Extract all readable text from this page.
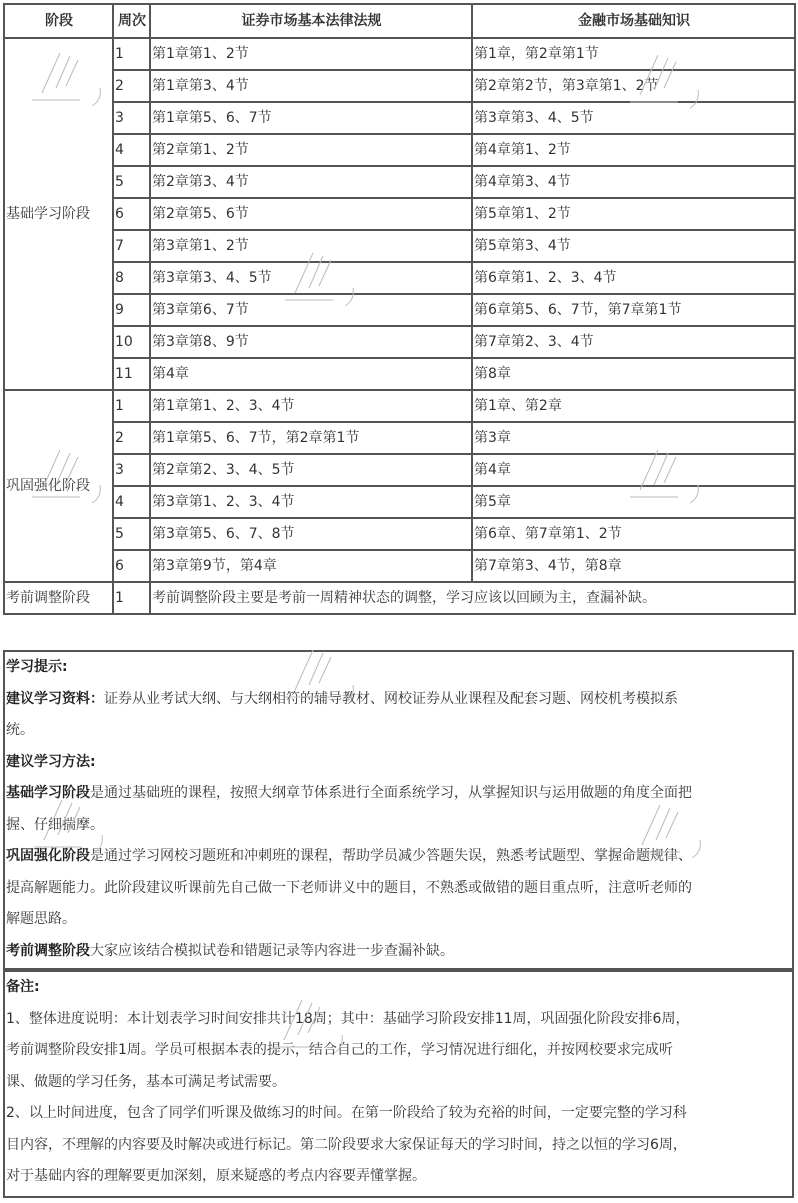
阶段	周次	证券市场基本法律法规	金融市场基础知识
基础学习阶段	1	第1章第1、2节	第1章，第2章第1节
	2	第1章第3、4节	第2章第2节，第3章第1、2节
	3	第1章第5、6、7节	第3章第3、4、5节
	4	第2章第1、2节	第4章第1、2节
	5	第2章第3、4节	第4章第3、4节
	6	第2章第5、6节	第5章第1、2节
	7	第3章第1、2节	第5章第3、4节
	8	第3章第3、4、5节	第6章第1、2、3、4节
	9	第3章第6、7节	第6章第5、6、7节，第7章第1节
	10	第3章第8、9节	第7章第2、3、4节
	11	第4章	第8章
巩固强化阶段	1	第1章第1、2、3、4节	第1章、第2章
	2	第1章第5、6、7节，第2章第1节	第3章
	3	第2章第2、3、4、5节	第4章
	4	第3章第1、2、3、4节	第5章
	5	第3章第5、6、7、8节	第6章、第7章第1、2节
	6	第3章第9节，第4章	第7章第3、4节，第8章
考前调整阶段	1	考前调整阶段主要是考前一周精神状态的调整，学习应该以回顾为主，查漏补缺。	

学习提示:

建议学习资料：证券从业考试大纲、与大纲相符的辅导教材、网校证券从业课程及配套习题、网校机考模拟系

统。

建议学习方法:

基础学习阶段是通过基础班的课程，按照大纲章节体系进行全面系统学习，从掌握知识与运用做题的角度全面把

握、仔细揣摩。

巩固强化阶段是通过学习网校习题班和冲刺班的课程，帮助学员减少答题失误，熟悉考试题型、掌握命题规律、

提高解题能力。此阶段建议听课前先自己做一下老师讲义中的题目，不熟悉或做错的题目重点听，注意听老师的

解题思路。

考前调整阶段大家应该结合模拟试卷和错题记录等内容进一步查漏补缺。

备注:

1、整体进度说明：本计划表学习时间安排共计18周；其中：基础学习阶段安排11周，巩固强化阶段安排6周，

考前调整阶段安排1周。学员可根据本表的提示，结合自己的工作，学习情况进行细化，并按网校要求完成听

课、做题的学习任务，基本可满足考试需要。

2、以上时间进度，包含了同学们听课及做练习的时间。在第一阶段给了较为充裕的时间，一定要完整的学习科

目内容，不理解的内容要及时解决或进行标记。第二阶段要求大家保证每天的学习时间，持之以恒的学习6周，

对于基础内容的理解要更加深刻，原来疑惑的考点内容要弄懂掌握。
